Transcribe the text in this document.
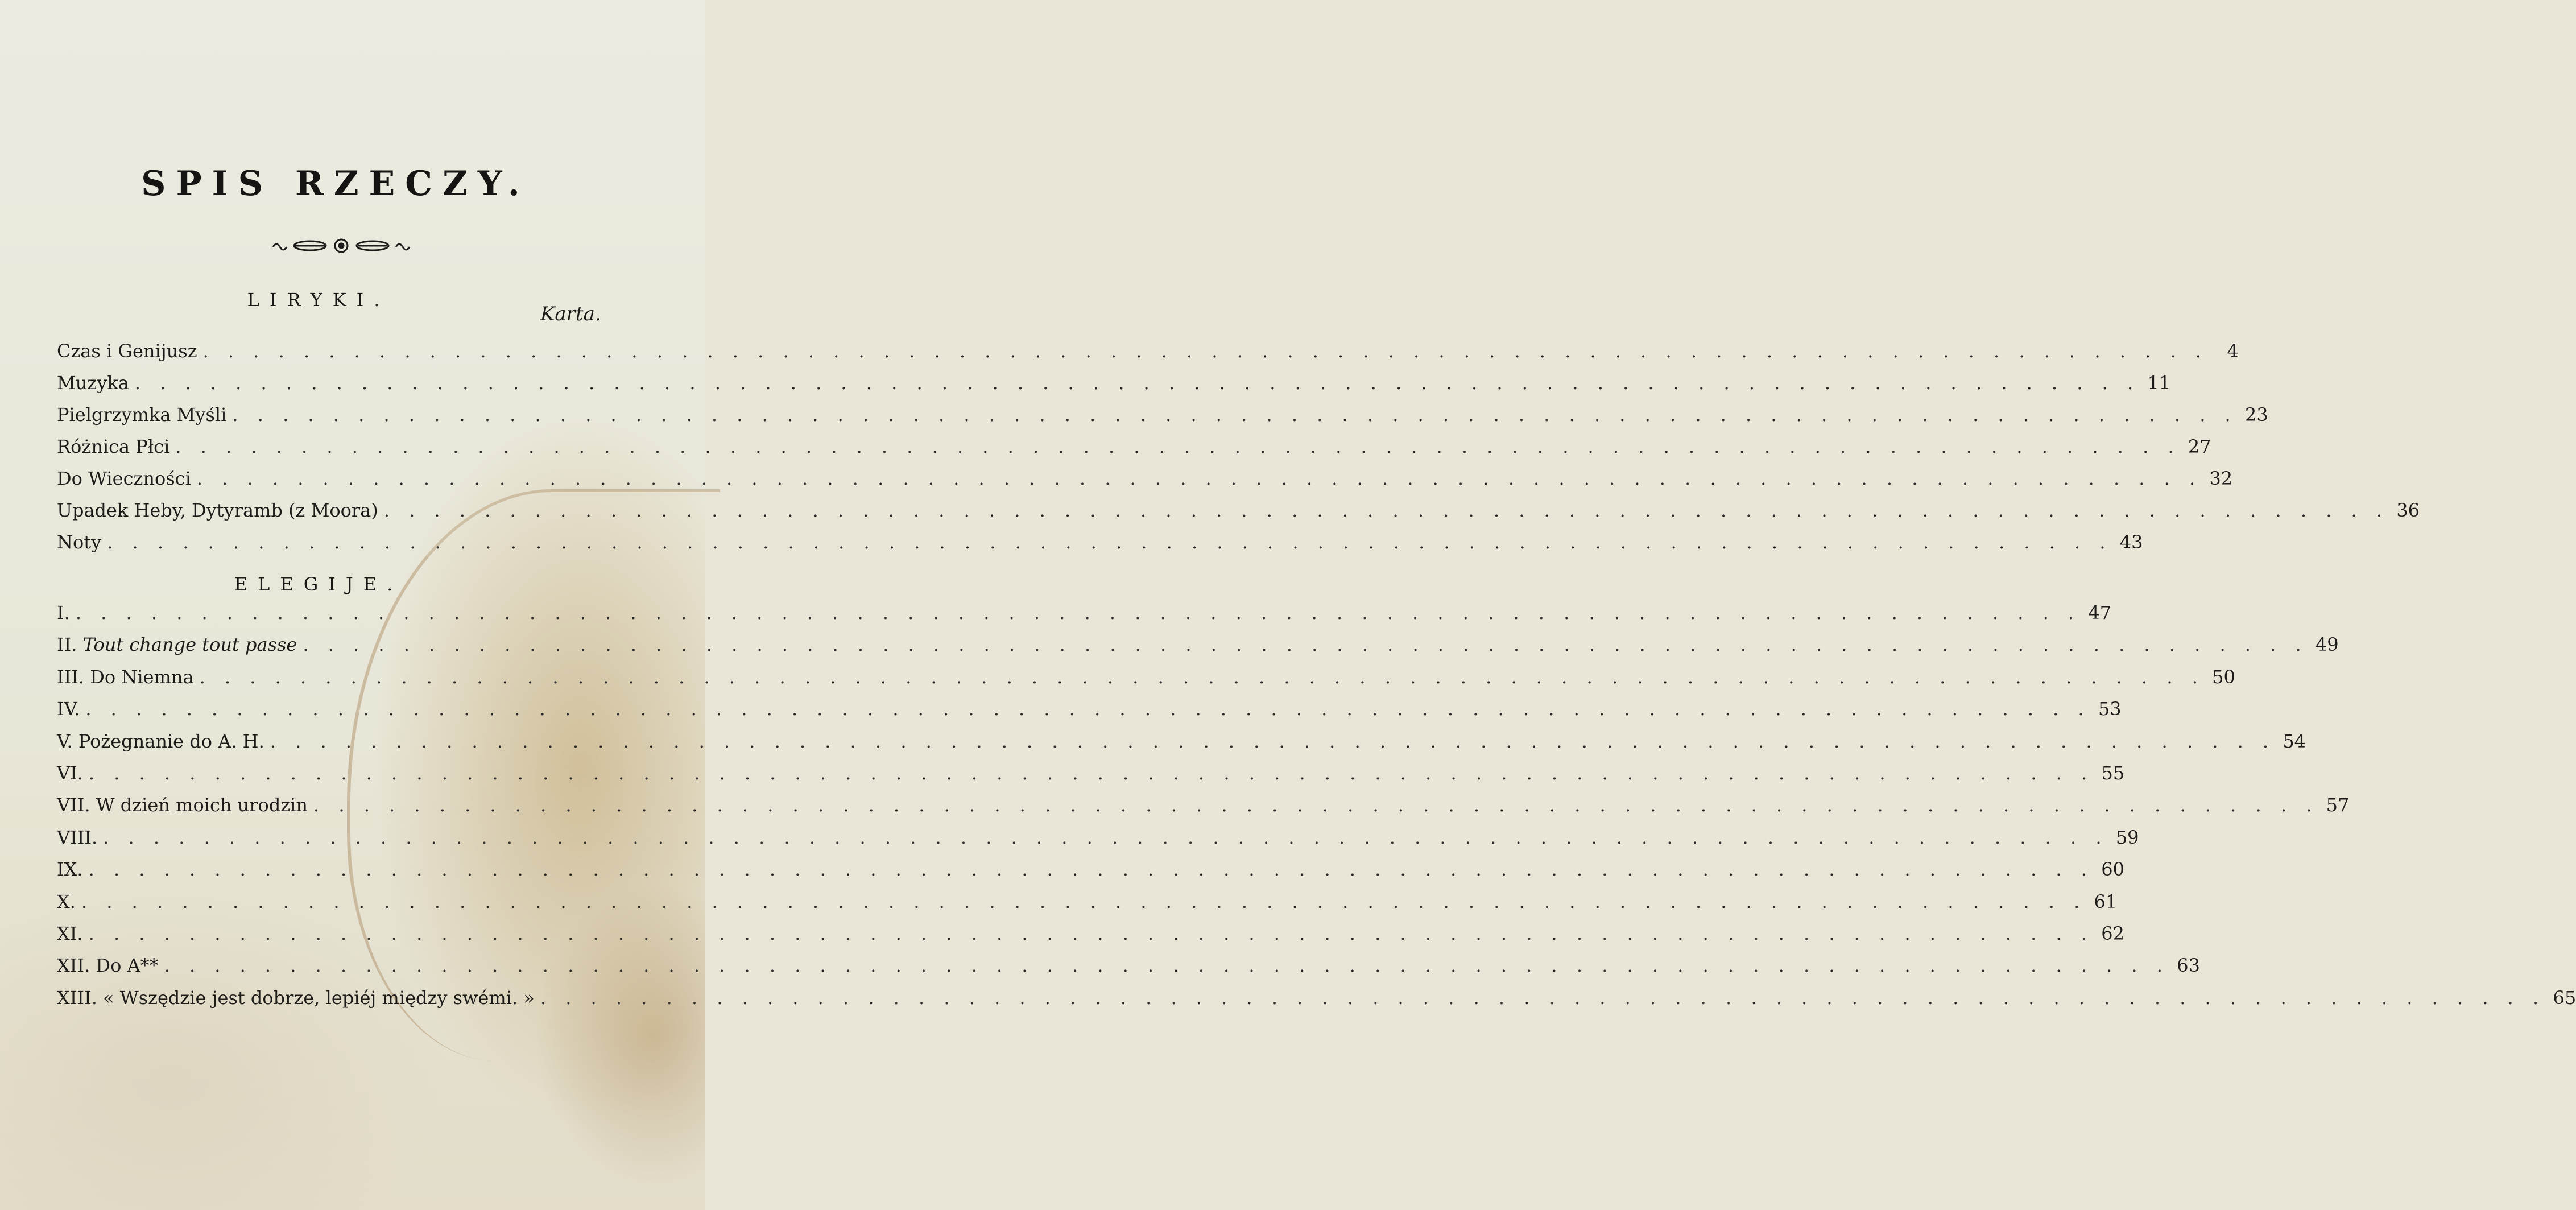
SPIS RZECZY.
LIRYKI.
Karta.
Czas i Genijusz . . . . . . . . . . . . . . . . . . . . . . . . . . . . . . . . . . . . . . . . . . . . . . . . . . . . . . . . . . . . . . . . . . . . . . . . . . . . . . . .	4
Muzyka . . . . . . . . . . . . . . . . . . . . . . . . . . . . . . . . . . . . . . . . . . . . . . . . . . . . . . . . . . . . . . . . . . . . . . . . . . . . . . . . 11
Pielgrzymka Myśli . . . . . . . . . . . . . . . . . . . . . . . . . . . . . . . . . . . . . . . . . . . . . . . . . . . . . . . . . . . . . . . . . . . . . . . . . . . . . . . . 23
Różnica Płci . . . . . . . . . . . . . . . . . . . . . . . . . . . . . . . . . . . . . . . . . . . . . . . . . . . . . . . . . . . . . . . . . . . . . . . . . . . . . . . . 27
Do Wieczności . . . . . . . . . . . . . . . . . . . . . . . . . . . . . . . . . . . . . . . . . . . . . . . . . . . . . . . . . . . . . . . . . . . . . . . . . . . . . . . . 32
Upadek Heby, Dytyramb (z Moora) . . . . . . . . . . . . . . . . . . . . . . . . . . . . . . . . . . . . . . . . . . . . . . . . . . . . . . . . . . . . . . . . . . . . . . . . . . . . . . . . 36
Noty . . . . . . . . . . . . . . . . . . . . . . . . . . . . . . . . . . . . . . . . . . . . . . . . . . . . . . . . . . . . . . . . . . . . . . . . . . . . . . . . 43
I. . . . . . . . . . . . . . . . . . . . . . . . . . . . . . . . . . . . . . . . . . . . . . . . . . . . . . . . . . . . . . . . . . . . . . . . . . . . . . . . . 47
II. Tout change tout passe . . . . . . . . . . . . . . . . . . . . . . . . . . . . . . . . . . . . . . . . . . . . . . . . . . . . . . . . . . . . . . . . . . . . . . . . . . . . . . . . 49
III. Do Niemna . . . . . . . . . . . . . . . . . . . . . . . . . . . . . . . . . . . . . . . . . . . . . . . . . . . . . . . . . . . . . . . . . . . . . . . . . . . . . . . . 50
IV. . . . . . . . . . . . . . . . . . . . . . . . . . . . . . . . . . . . . . . . . . . . . . . . . . . . . . . . . . . . . . . . . . . . . . . . . . . . . . . . . 53
V. Pożegnanie do A. H. . . . . . . . . . . . . . . . . . . . . . . . . . . . . . . . . . . . . . . . . . . . . . . . . . . . . . . . . . . . . . . . . . . . . . . . . . . . . . . . . 54
VI. . . . . . . . . . . . . . . . . . . . . . . . . . . . . . . . . . . . . . . . . . . . . . . . . . . . . . . . . . . . . . . . . . . . . . . . . . . . . . . . . 55
VII. W dzień moich urodzin . . . . . . . . . . . . . . . . . . . . . . . . . . . . . . . . . . . . . . . . . . . . . . . . . . . . . . . . . . . . . . . . . . . . . . . . . . . . . . . . 57
VIII. . . . . . . . . . . . . . . . . . . . . . . . . . . . . . . . . . . . . . . . . . . . . . . . . . . . . . . . . . . . . . . . . . . . . . . . . . . . . . . . . 59
IX. . . . . . . . . . . . . . . . . . . . . . . . . . . . . . . . . . . . . . . . . . . . . . . . . . . . . . . . . . . . . . . . . . . . . . . . . . . . . . . . . 60
X. . . . . . . . . . . . . . . . . . . . . . . . . . . . . . . . . . . . . . . . . . . . . . . . . . . . . . . . . . . . . . . . . . . . . . . . . . . . . . . . . 61
XI. . . . . . . . . . . . . . . . . . . . . . . . . . . . . . . . . . . . . . . . . . . . . . . . . . . . . . . . . . . . . . . . . . . . . . . . . . . . . . . . . 62
XII. Do A** . . . . . . . . . . . . . . . . . . . . . . . . . . . . . . . . . . . . . . . . . . . . . . . . . . . . . . . . . . . . . . . . . . . . . . . . . . . . . . . . 63
XIII. « Wszędzie jest dobrze, lepiéj między swémi. » . . . . . . . . . . . . . . . . . . . . . . . . . . . . . . . . . . . . . . . . . . . . . . . . . . . . . . . . . . . . . . . . . . . . . . . . . . . . . . . . 65
ELEGIJE.
